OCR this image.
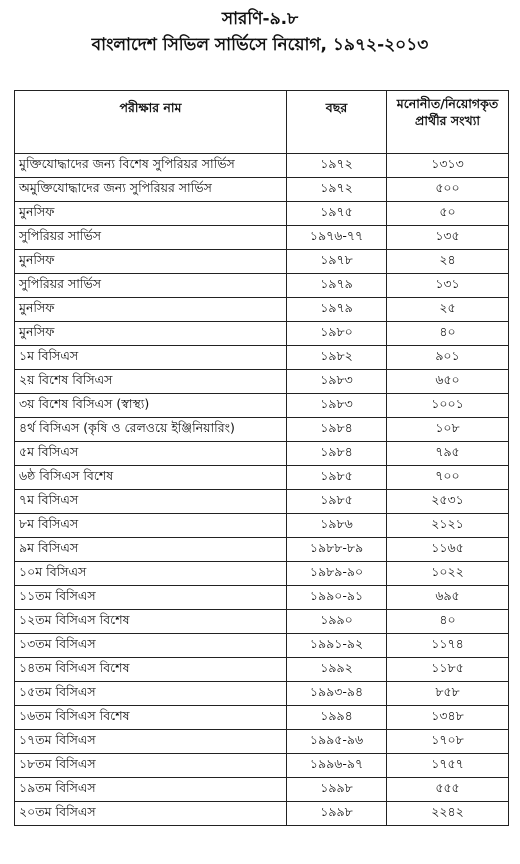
সারণি-৯.৮
বাংলাদেশ সিভিল সার্ভিসে নিয়োগ, ১৯৭২-২০১৩
পরীক্ষার নাম	বছর	মনোনীত/নিয়োগকৃত প্রার্থীর সংখ্যা
মুক্তিযোদ্ধাদের জন্য বিশেষ সুপিরিয়র সার্ভিস	১৯৭২	১৩১৩
অমুক্তিযোদ্ধাদের জন্য সুপিরিয়র সার্ভিস	১৯৭২	৫০০
মুনসিফ	১৯৭৫	৫০
সুপিরিয়র সার্ভিস	১৯৭৬-৭৭	১৩৫
মুনসিফ	১৯৭৮	২৪
সুপিরিয়র সার্ভিস	১৯৭৯	১৩১
মুনসিফ	১৯৭৯	২৫
মুনসিফ	১৯৮০	৪০
১ম বিসিএস	১৯৮২	৯০১
২য় বিশেষ বিসিএস	১৯৮৩	৬৫০
৩য় বিশেষ বিসিএস (স্বাস্থ্য)	১৯৮৩	১০০১
৪র্থ বিসিএস (কৃষি ও রেলওয়ে ইঞ্জিনিয়ারিং)	১৯৮৪	১০৮
৫ম বিসিএস	১৯৮৪	৭৯৫
৬ষ্ঠ বিসিএস বিশেষ	১৯৮৫	৭০০
৭ম বিসিএস	১৯৮৫	২৫৩১
৮ম বিসিএস	১৯৮৬	২১২১
৯ম বিসিএস	১৯৮৮-৮৯	১১৬৫
১০ম বিসিএস	১৯৮৯-৯০	১০২২
১১তম বিসিএস	১৯৯০-৯১	৬৯৫
১২তম বিসিএস বিশেষ	১৯৯০	৪০
১৩তম বিসিএস	১৯৯১-৯২	১১৭৪
১৪তম বিসিএস বিশেষ	১৯৯২	১১৮৫
১৫তম বিসিএস	১৯৯৩-৯৪	৮৫৮
১৬তম বিসিএস বিশেষ	১৯৯৪	১৩৪৮
১৭তম বিসিএস	১৯৯৫-৯৬	১৭০৮
১৮তম বিসিএস	১৯৯৬-৯৭	১৭৫৭
১৯তম বিসিএস	১৯৯৮	৫৫৫
২০তম বিসিএস	১৯৯৮	২২৪২
